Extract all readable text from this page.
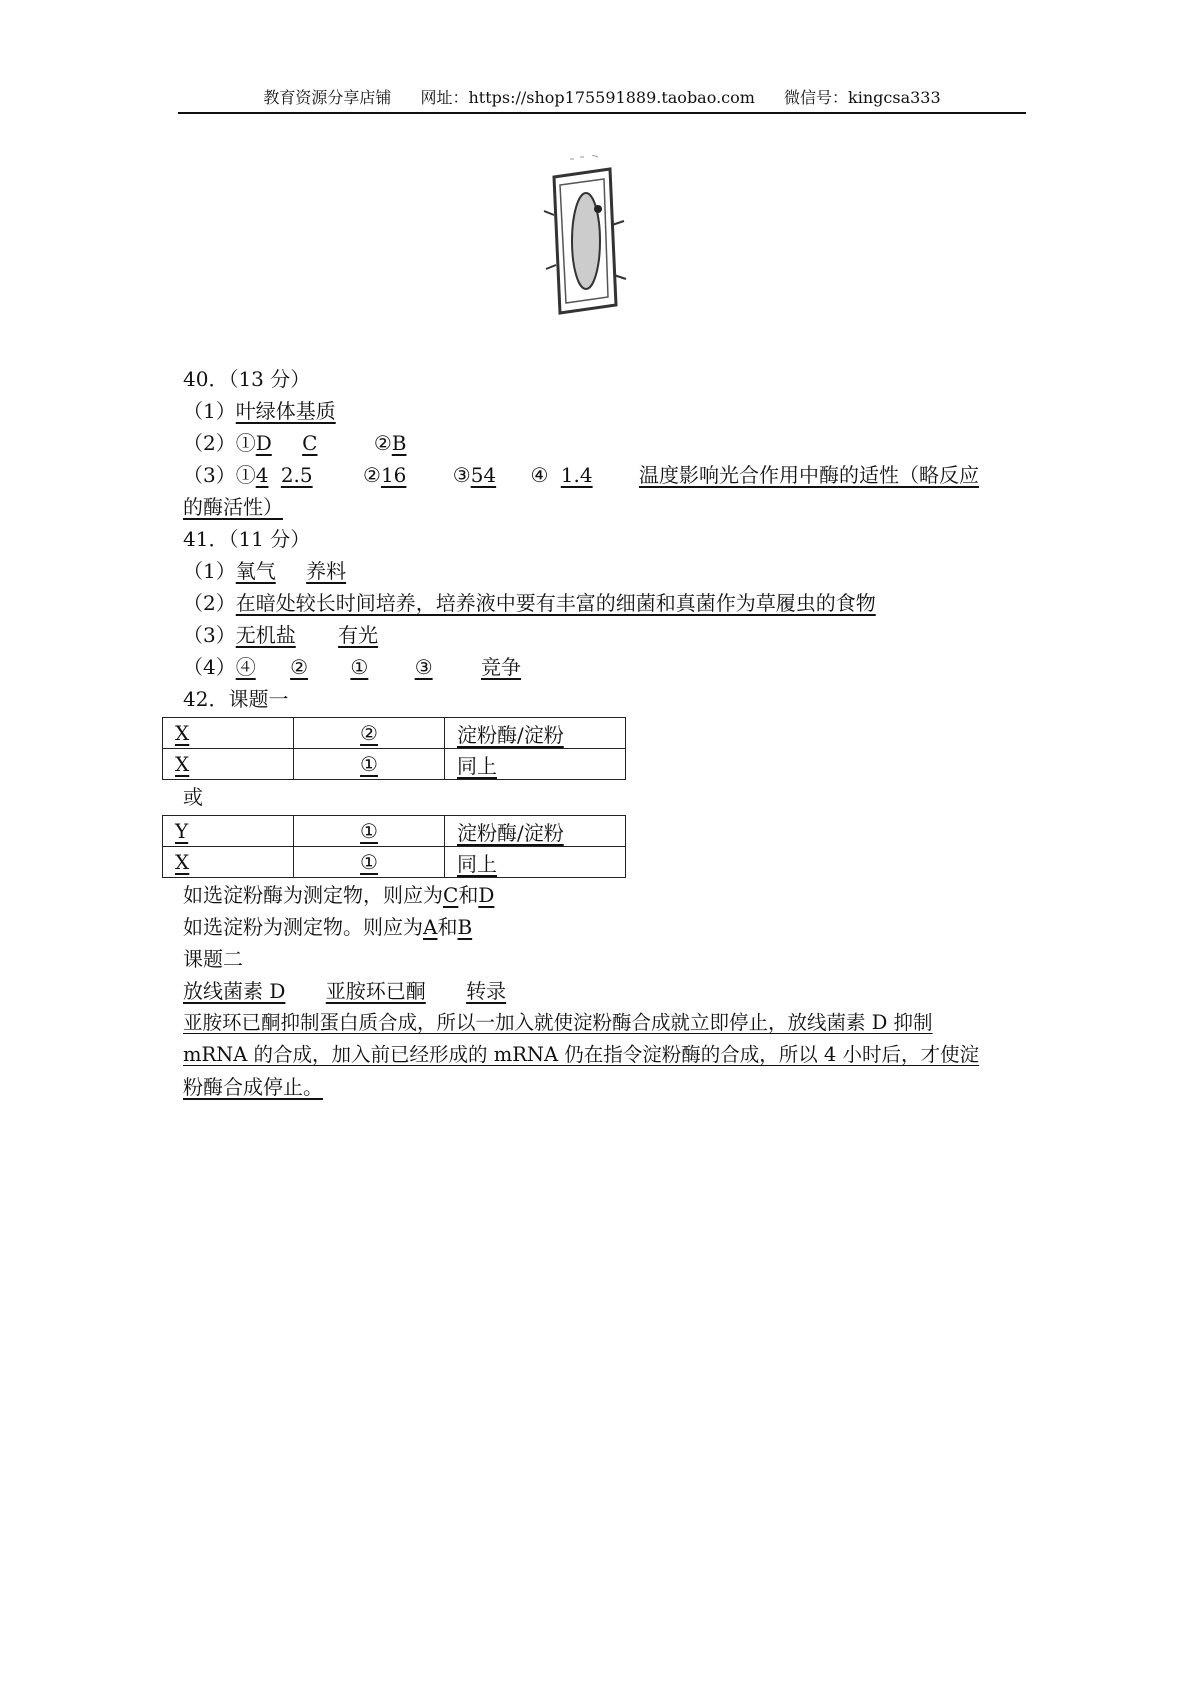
教育资源分享店铺 网址：https://shop175591889.taobao.com 微信号：kingcsa333
40．（13 分）
（1）叶绿体基质
（2）①D C	②B
（3）①4 2.5	②16 ③54 ④ 1.4 温度影响光合作用中酶的适性（略反应
的酶活性）
41．（11 分）
（1）氧气 养料
（2）在暗处较长时间培养，培养液中要有丰富的细菌和真菌作为草履虫的食物
（3）无机盐 有光
（4）④ ② ① ③ 竞争
42．课题一
X	②	淀粉酶/淀粉
X	①	同上
或
Y	①	淀粉酶/淀粉
X	①	同上
如选淀粉酶为测定物，则应为C和D
如选淀粉为测定物。则应为A和B
课题二
放线菌素 D 亚胺环已酮 转录
亚胺环已酮抑制蛋白质合成，所以一加入就使淀粉酶合成就立即停止，放线菌素 D 抑制
mRNA 的合成，加入前已经形成的 mRNA 仍在指令淀粉酶的合成，所以 4 小时后，才使淀
粉酶合成停止。
